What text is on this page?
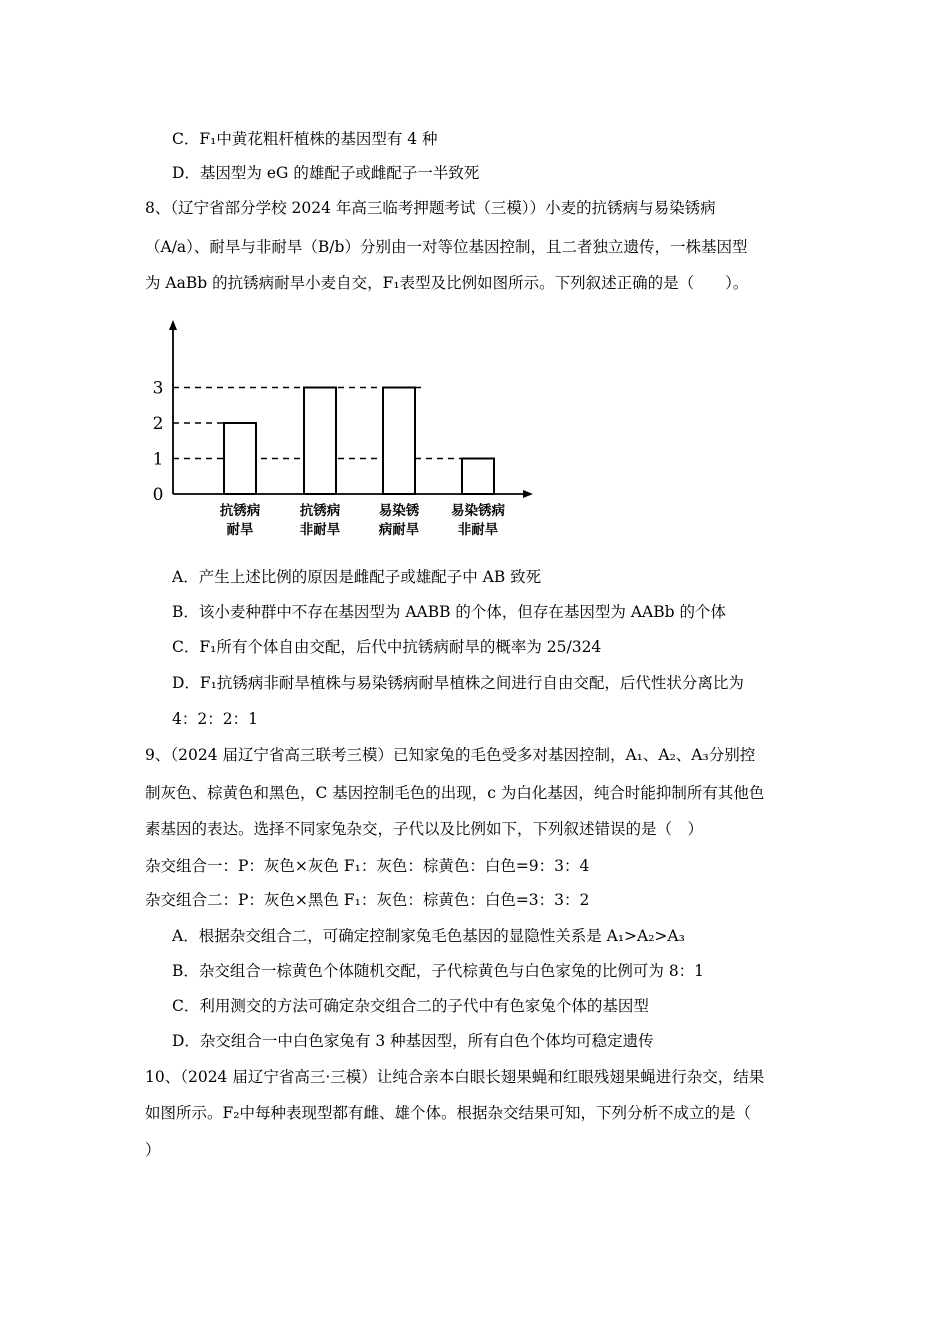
C．F₁中黄花粗杆植株的基因型有 4 种
D．基因型为 eG 的雄配子或雌配子一半致死
8、（辽宁省部分学校 2024 年高三临考押题考试（三模））小麦的抗锈病与易染锈病
（A/a）、耐旱与非耐旱（B/b）分别由一对等位基因控制，且二者独立遗传，一株基因型
为 AaBb 的抗锈病耐旱小麦自交，F₁表型及比例如图所示。下列叙述正确的是（　　）。
0
1
2
3
抗锈病
耐旱
抗锈病
非耐旱
易染锈
病耐旱
易染锈病
非耐旱
A．产生上述比例的原因是雌配子或雄配子中 AB 致死
B．该小麦种群中不存在基因型为 AABB 的个体，但存在基因型为 AABb 的个体
C．F₁所有个体自由交配，后代中抗锈病耐旱的概率为 25/324
D．F₁抗锈病非耐旱植株与易染锈病耐旱植株之间进行自由交配，后代性状分离比为
4：2：2：1
9、（2024 届辽宁省高三联考三模）已知家兔的毛色受多对基因控制，A₁、A₂、A₃分别控
制灰色、棕黄色和黑色，C 基因控制毛色的出现，c 为白化基因，纯合时能抑制所有其他色
素基因的表达。选择不同家兔杂交，子代以及比例如下，下列叙述错误的是（　）
杂交组合一：P：灰色×灰色 F₁：灰色：棕黄色：白色=9：3：4
杂交组合二：P：灰色×黑色 F₁：灰色：棕黄色：白色=3：3：2
A．根据杂交组合二，可确定控制家兔毛色基因的显隐性关系是 A₁>A₂>A₃
B．杂交组合一棕黄色个体随机交配，子代棕黄色与白色家兔的比例可为 8：1
C．利用测交的方法可确定杂交组合二的子代中有色家兔个体的基因型
D．杂交组合一中白色家兔有 3 种基因型，所有白色个体均可稳定遗传
10、（2024 届辽宁省高三·三模）让纯合亲本白眼长翅果蝇和红眼残翅果蝇进行杂交，结果
如图所示。F₂中每种表现型都有雌、雄个体。根据杂交结果可知，下列分析不成立的是（
）
